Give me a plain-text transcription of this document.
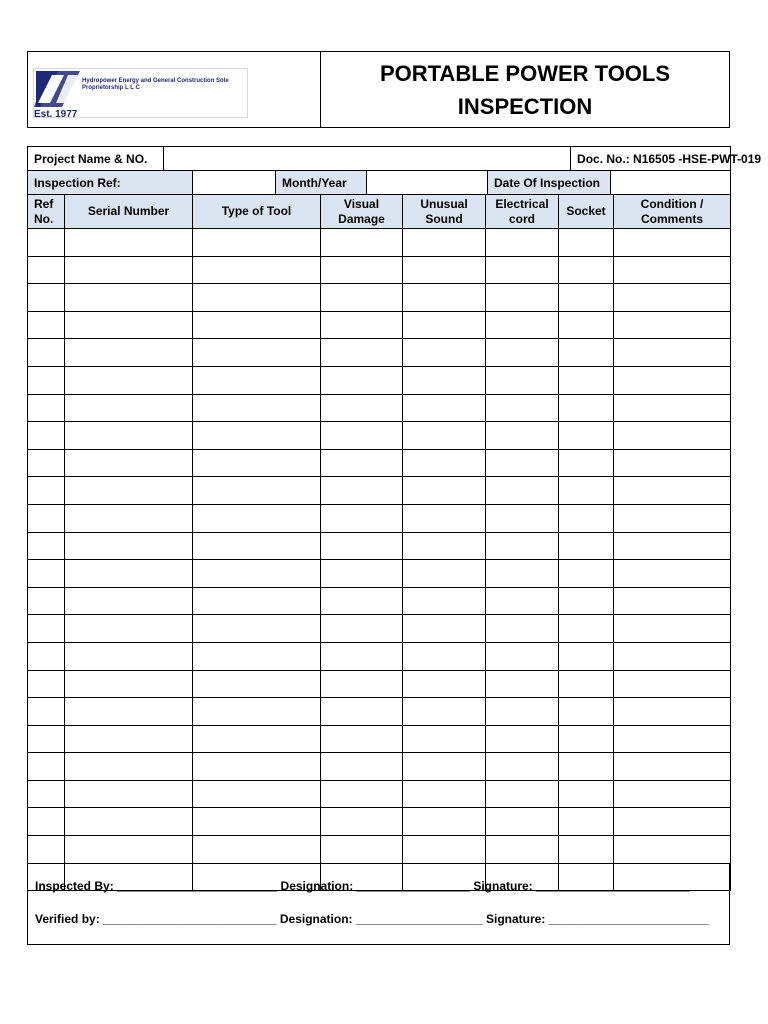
Hydropower Energy and General Construction Sole Proprietorship L L C
Est. 1977
PORTABLE POWER TOOLS
INSPECTION
Project Name & NO.		Doc. No.: N16505 -HSE-PWT-019
Inspection Ref:		Month/Year		Date Of Inspection	
Ref No.	Serial Number	Type of Tool	Visual Damage	Unusual Sound	Electrical cord	Socket	Condition / Comments

Inspected By: ________________________ Designation: _________________ Signature: _______________________
Verified by: __________________________ Designation: ___________________ Signature: ________________________
